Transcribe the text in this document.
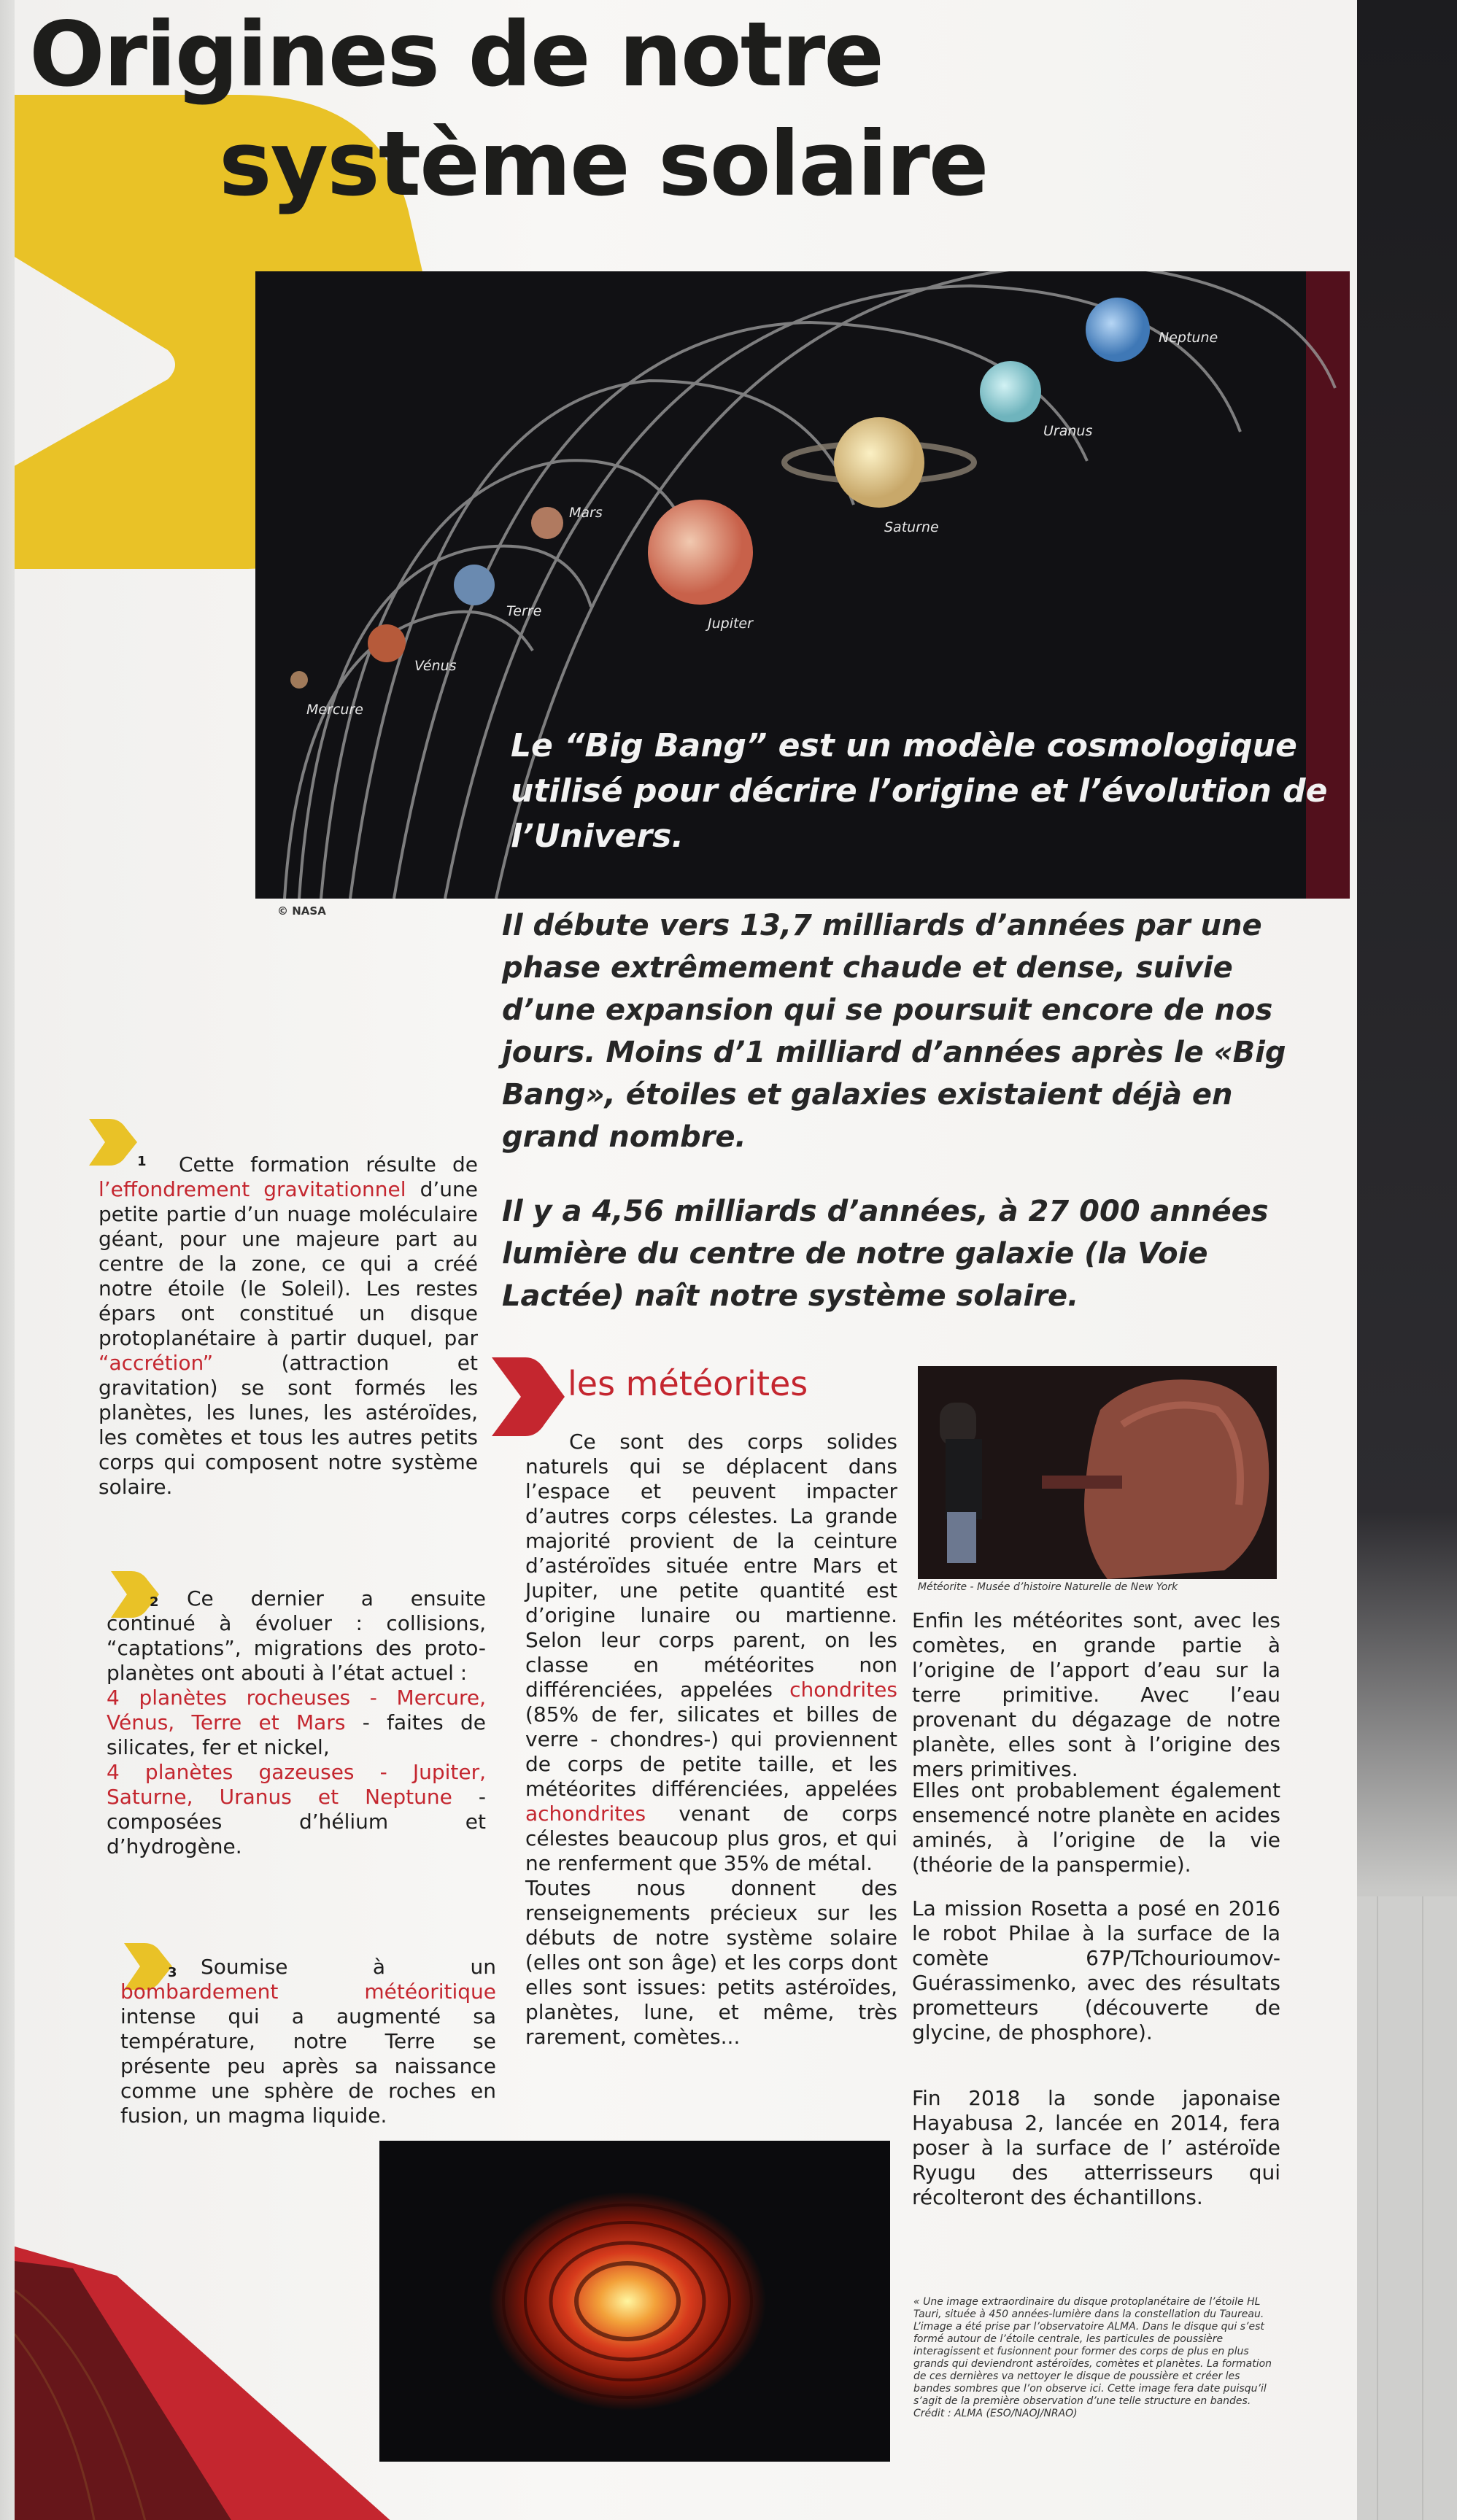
Origines de notre
système solaire
Mercure
Vénus
Terre
Mars
Jupiter
Saturne
Uranus
Neptune

Le “Big Bang” est un modèle cosmologique utilisé pour décrire l’origine et l’évolution de l’Univers.

© NASA	Il débute vers 13,7 milliards d’années par une phase extrêmement chaude et dense, suivie d’une expansion qui se poursuit encore de nos jours. Moins d’1 milliard d’années après le «Big Bang», étoiles et galaxies existaient déjà en grand nombre.

Il y a 4,56 milliards d’années, à 27 000 années lumière du centre de notre galaxie (la Voie Lactée) naît notre système solaire.

1	Cette formation résulte de l’effondrement gravitationnel d’une petite partie d’un nuage moléculaire géant, pour une majeure part au centre de la zone, ce qui a créé notre étoile (le Soleil). Les restes épars ont constitué un disque protoplanétaire à partir duquel, par “accrétion” (attraction et gravitation) se sont formés les planètes, les lunes, les astéroïdes, les comètes et tous les autres petits corps qui composent notre système solaire.

2	Ce dernier a ensuite continué à évoluer : collisions, “captations”, migrations des proto-planètes ont abouti à l’état actuel :
4 planètes rocheuses - Mercure, Vénus, Terre et Mars - faites de silicates, fer et nickel,
4 planètes gazeuses - Jupiter, Saturne, Uranus et Neptune - composées d’hélium et d’hydrogène.

3	Soumise à un bombardement météoritique intense qui a augmenté sa température, notre Terre se présente peu après sa naissance comme une sphère de roches en fusion, un magma liquide.

les météorites

Ce sont des corps solides naturels qui se déplacent dans l’espace et peuvent impacter d’autres corps célestes. La grande majorité provient de la ceinture d’astéroïdes située entre Mars et Jupiter, une petite quantité est d’origine lunaire ou martienne. Selon leur corps parent, on les classe en météorites non différenciées, appelées chondrites (85% de fer, silicates et billes de verre - chondres-) qui proviennent de corps de petite taille, et les météorites différenciées, appelées achondrites venant de corps célestes beaucoup plus gros, et qui ne renferment que 35% de métal.
Toutes nous donnent des renseignements précieux sur les débuts de notre système solaire (elles ont son âge) et les corps dont elles sont issues: petits astéroïdes, planètes, lune, et même, très rarement, comètes...

Météorite - Musée d’histoire Naturelle de New York

Enfin les météorites sont, avec les comètes, en grande partie à l’origine de l’apport d’eau sur la terre primitive. Avec l’eau provenant du dégazage de notre planète, elles sont à l’origine des mers primitives.

Elles ont probablement également ensemencé notre planète en acides aminés, à l’origine de la vie (théorie de la panspermie).

La mission Rosetta a posé en 2016 le robot Philae à la surface de la comète 67P/Tchourioumov-Guérassimenko, avec des résultats prometteurs (découverte de glycine, de phosphore).

Fin 2018 la sonde japonaise Hayabusa 2, lancée en 2014, fera poser à la surface de l’ astéroïde Ryugu des atterrisseurs qui récolteront des échantillons.

« Une image extraordinaire du disque protoplanétaire de l’étoile HL Tauri, située à 450 années-lumière dans la constellation du Taureau. L’image a été prise par l’observatoire ALMA. Dans le disque qui s’est formé autour de l’étoile centrale, les particules de poussière interagissent et fusionnent pour former des corps de plus en plus grands qui deviendront astéroïdes, comètes et planètes. La formation de ces dernières va nettoyer le disque de poussière et créer les bandes sombres que l’on observe ici. Cette image fera date puisqu’il s’agit de la première observation d’une telle structure en bandes. Crédit : ALMA (ESO/NAOJ/NRAO)
